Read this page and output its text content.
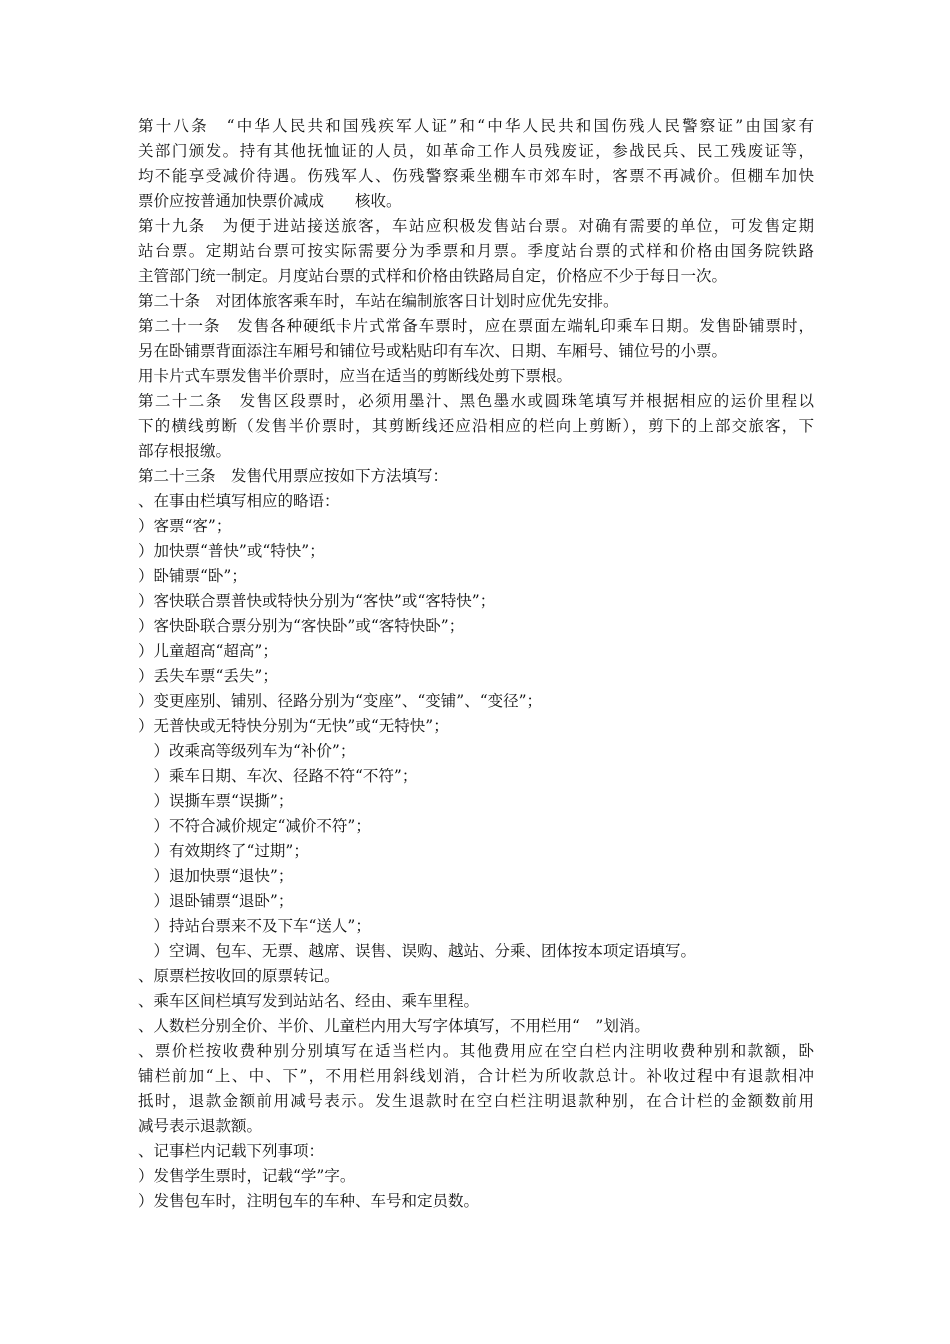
第十八条　“中华人民共和国残疾军人证”和“中华人民共和国伤残人民警察证”由国家有

关部门颁发。持有其他抚恤证的人员，如革命工作人员残废证，参战民兵、民工残废证等，

均不能享受减价待遇。伤残军人、伤残警察乘坐棚车市郊车时，客票不再减价。但棚车加快

票价应按普通加快票价减成　　核收。

第十九条　为便于进站接送旅客，车站应积极发售站台票。对确有需要的单位，可发售定期

站台票。定期站台票可按实际需要分为季票和月票。季度站台票的式样和价格由国务院铁路

主管部门统一制定。月度站台票的式样和价格由铁路局自定，价格应不少于每日一次。

第二十条　对团体旅客乘车时，车站在编制旅客日计划时应优先安排。

第二十一条　发售各种硬纸卡片式常备车票时，应在票面左端轧印乘车日期。发售卧铺票时，

另在卧铺票背面添注车厢号和铺位号或粘贴印有车次、日期、车厢号、铺位号的小票。

用卡片式车票发售半价票时，应当在适当的剪断线处剪下票根。

第二十二条　发售区段票时，必须用墨汁、黑色墨水或圆珠笔填写并根据相应的运价里程以

下的横线剪断（发售半价票时，其剪断线还应沿相应的栏向上剪断），剪下的上部交旅客，下

部存根报缴。

第二十三条　发售代用票应按如下方法填写：

、在事由栏填写相应的略语：

）客票“客”；

）加快票“普快”或“特快”；

）卧铺票“卧”；

）客快联合票普快或特快分别为“客快”或“客特快”；

）客快卧联合票分别为“客快卧”或“客特快卧”；

）儿童超高“超高”；

）丢失车票“丢失”；

）变更座别、铺别、径路分别为“变座”、“变铺”、“变径”；

）无普快或无特快分别为“无快”或“无特快”；

　）改乘高等级列车为“补价”；

　）乘车日期、车次、径路不符“不符”；

　）误撕车票“误撕”；

　）不符合减价规定“减价不符”；

　）有效期终了“过期”；

　）退加快票“退快”；

　）退卧铺票“退卧”；

　）持站台票来不及下车“送人”；

　）空调、包车、无票、越席、误售、误购、越站、分乘、团体按本项定语填写。

、原票栏按收回的原票转记。

、乘车区间栏填写发到站站名、经由、乘车里程。

、人数栏分别全价、半价、儿童栏内用大写字体填写，不用栏用“　”划消。

、票价栏按收费种别分别填写在适当栏内。其他费用应在空白栏内注明收费种别和款额，卧

铺栏前加“上、中、下”，不用栏用斜线划消，合计栏为所收款总计。补收过程中有退款相冲

抵时，退款金额前用减号表示。发生退款时在空白栏注明退款种别，在合计栏的金额数前用

减号表示退款额。

、记事栏内记载下列事项：

）发售学生票时，记载“学”字。

）发售包车时，注明包车的车种、车号和定员数。
